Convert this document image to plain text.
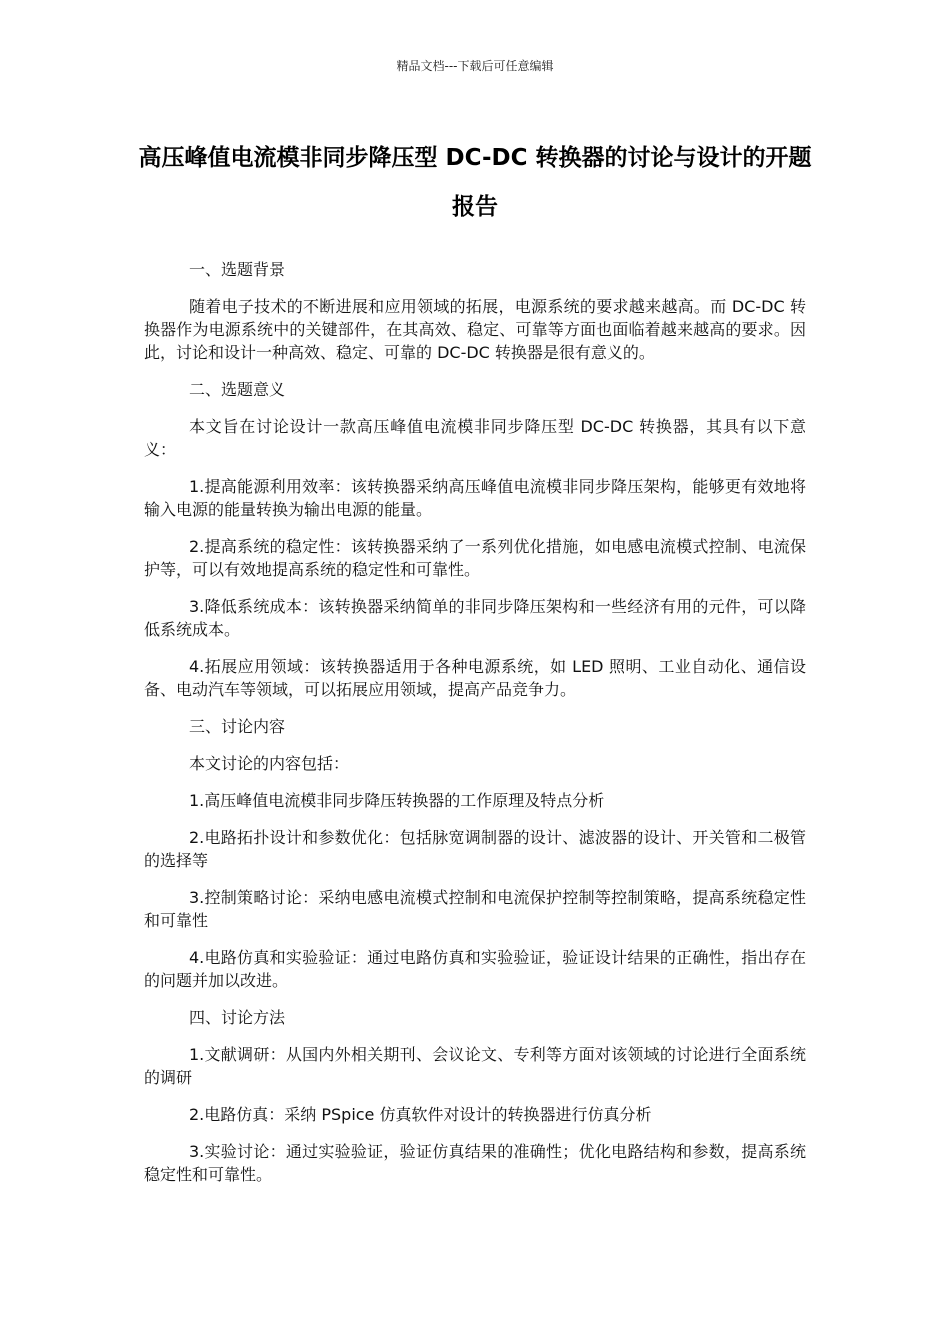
精品文档---下载后可任意编辑
高压峰值电流模非同步降压型 DC-DC 转换器的讨论与设计的开题报告

一、选题背景

随着电子技术的不断进展和应用领域的拓展，电源系统的要求越来越高。而 DC-DC 转换器作为电源系统中的关键部件，在其高效、稳定、可靠等方面也面临着越来越高的要求。因此，讨论和设计一种高效、稳定、可靠的 DC-DC 转换器是很有意义的。

二、选题意义

本文旨在讨论设计一款高压峰值电流模非同步降压型 DC-DC 转换器，其具有以下意义：

1.提高能源利用效率：该转换器采纳高压峰值电流模非同步降压架构，能够更有效地将输入电源的能量转换为输出电源的能量。

2.提高系统的稳定性：该转换器采纳了一系列优化措施，如电感电流模式控制、电流保护等，可以有效地提高系统的稳定性和可靠性。

3.降低系统成本：该转换器采纳简单的非同步降压架构和一些经济有用的元件，可以降低系统成本。

4.拓展应用领域：该转换器适用于各种电源系统，如 LED 照明、工业自动化、通信设备、电动汽车等领域，可以拓展应用领域，提高产品竞争力。

三、讨论内容

本文讨论的内容包括：

1.高压峰值电流模非同步降压转换器的工作原理及特点分析

2.电路拓扑设计和参数优化：包括脉宽调制器的设计、滤波器的设计、开关管和二极管的选择等

3.控制策略讨论：采纳电感电流模式控制和电流保护控制等控制策略，提高系统稳定性和可靠性

4.电路仿真和实验验证：通过电路仿真和实验验证，验证设计结果的正确性，指出存在的问题并加以改进。

四、讨论方法

1.文献调研：从国内外相关期刊、会议论文、专利等方面对该领域的讨论进行全面系统的调研

2.电路仿真：采纳 PSpice 仿真软件对设计的转换器进行仿真分析

3.实验讨论：通过实验验证，验证仿真结果的准确性；优化电路结构和参数，提高系统稳定性和可靠性。
